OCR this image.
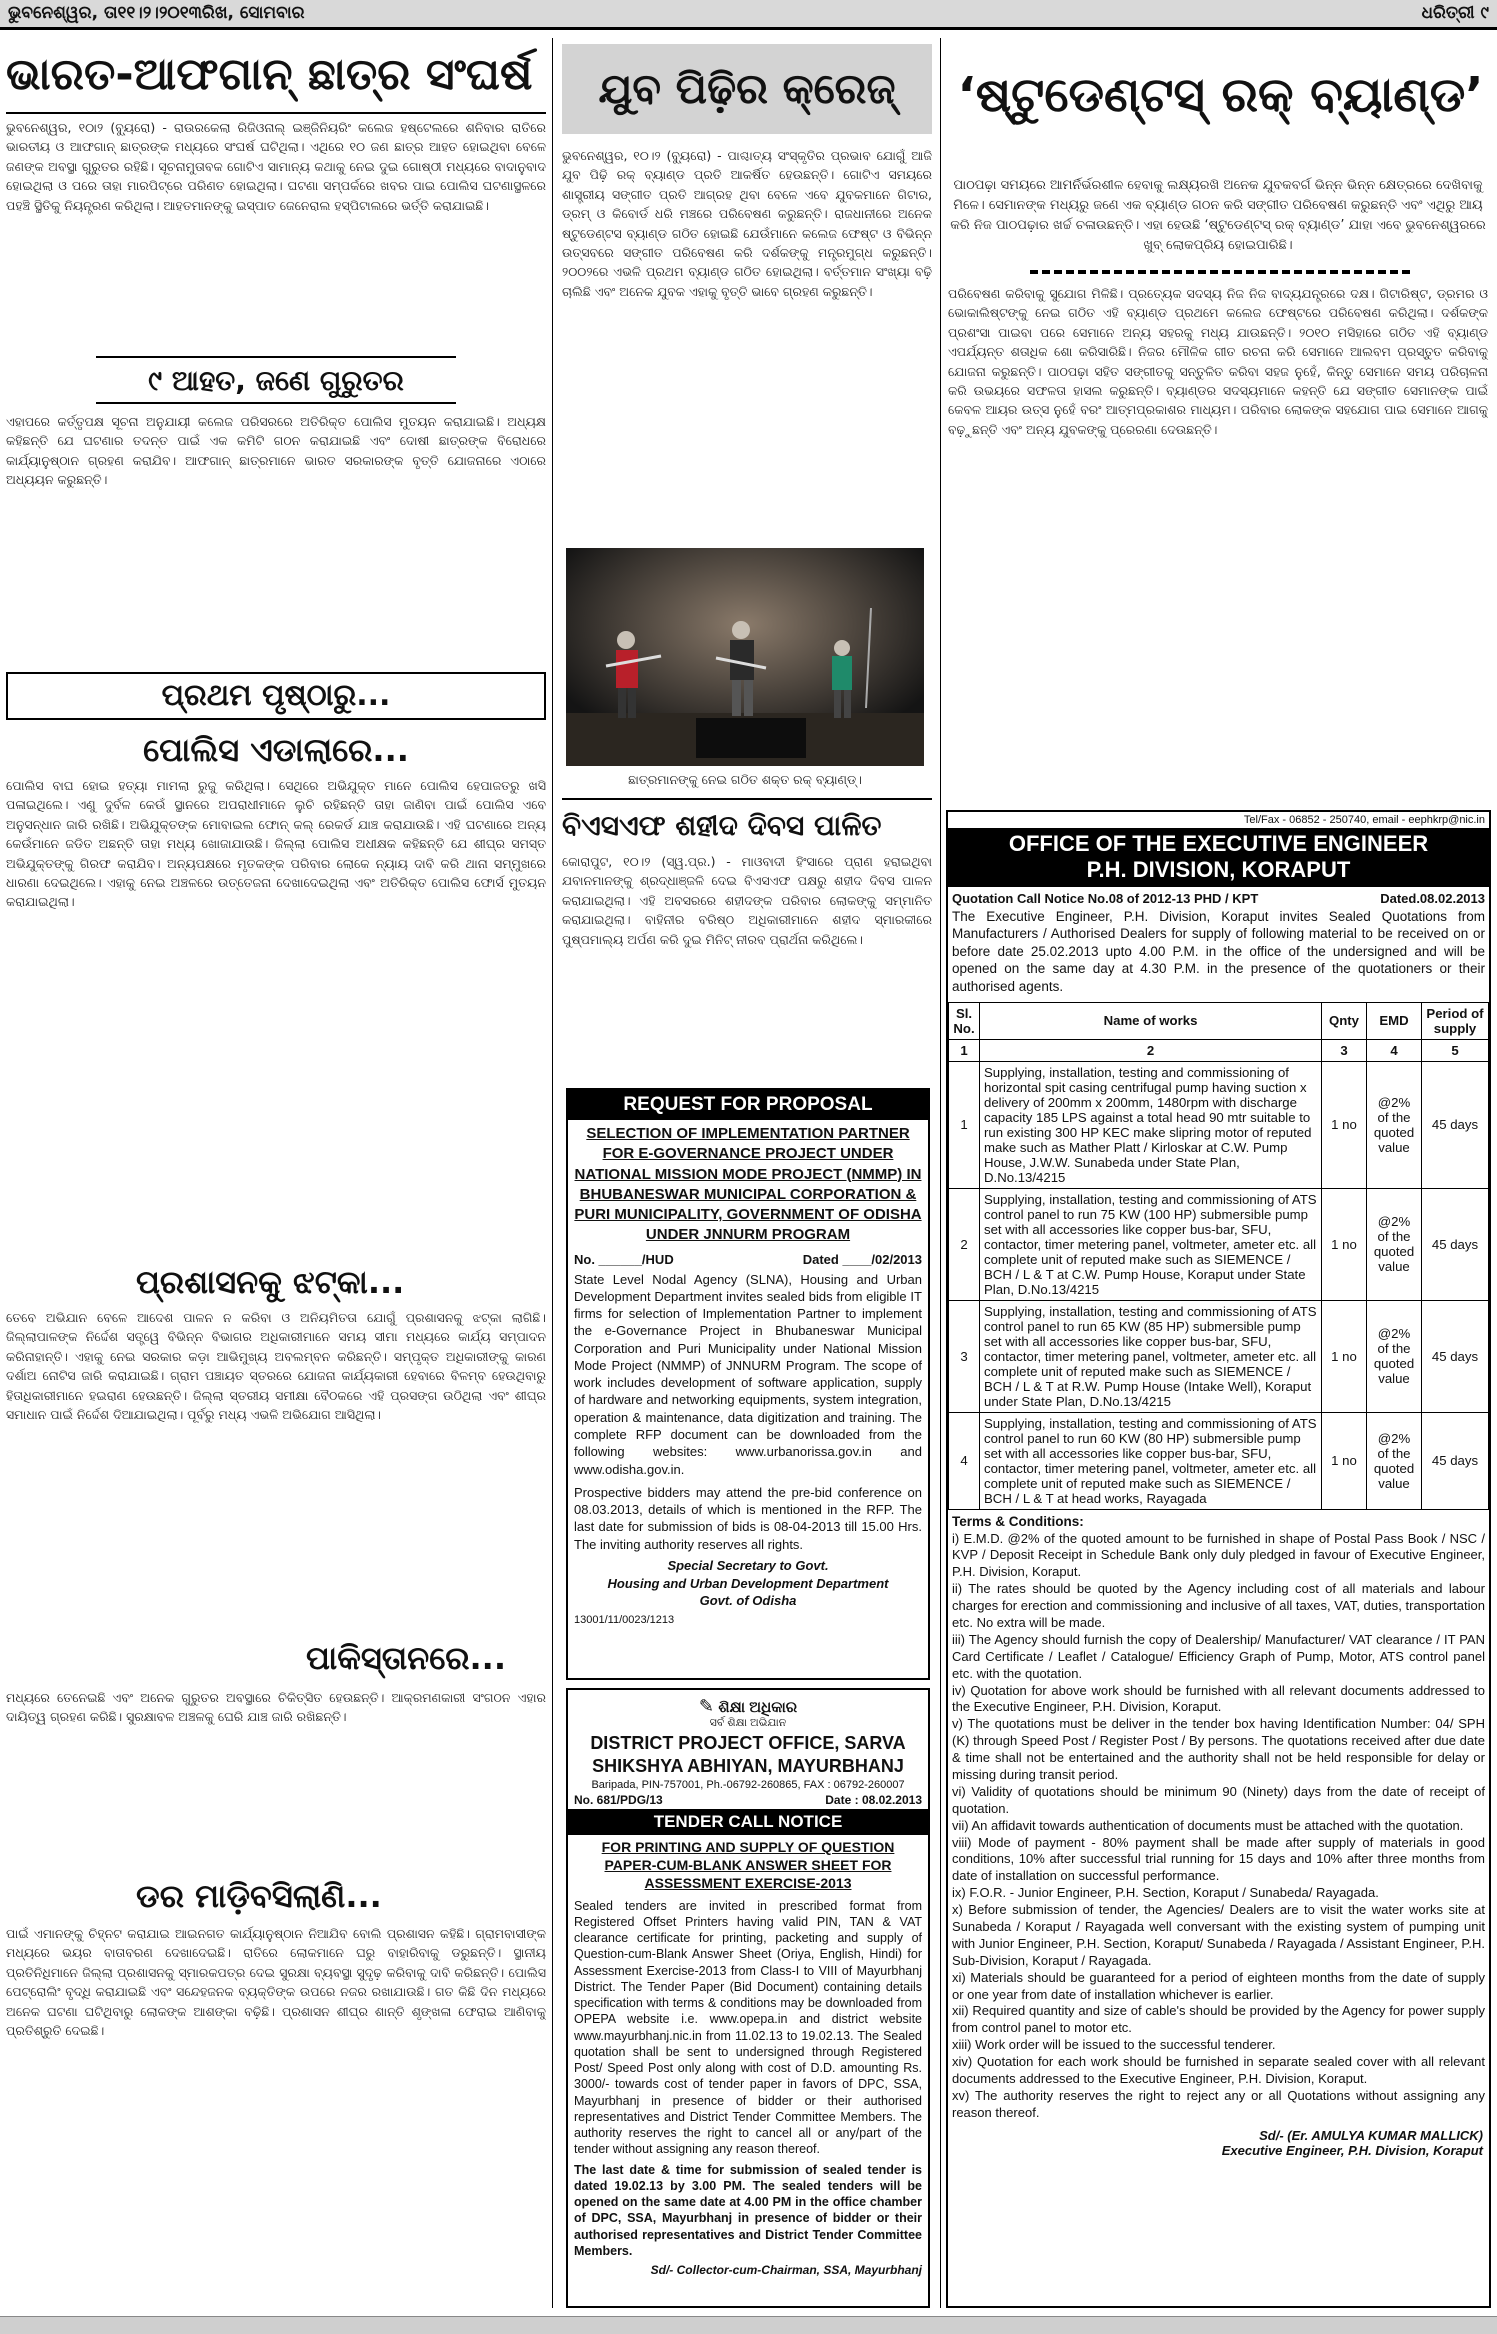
ଭୁବନେଶ୍ୱର, ତା୧୧।୨।୨୦୧୩ରିଖ, ସୋମବାର	ଧରିତ୍ରୀ ୯
ଭାରତ-ଆଫଗାନ୍ ଛାତ୍ର ସଂଘର୍ଷ
ଭୁବନେଶ୍ୱର, ୧୦ା୨ (ବ୍ୟୁରୋ) - ରାଉରକେଲା ରିଜିଓନାଲ୍ ଇଞ୍ଜିନିୟରିଂ କଲେଜ ହଷ୍ଟେଲରେ ଶନିବାର ରାତିରେ ଭାରତୀୟ ଓ ଆଫଗାନ୍ ଛାତ୍ରଙ୍କ ମଧ୍ୟରେ ସଂଘର୍ଷ ଘଟିଥିଲା। ଏଥିରେ ୧୦ ଜଣ ଛାତ୍ର ଆହତ ହୋଇଥିବା ବେଳେ ଜଣଙ୍କ ଅବସ୍ଥା ଗୁରୁତର ରହିଛି। ସୂଚନାମୁତାବକ ଗୋଟିଏ ସାମାନ୍ୟ କଥାକୁ ନେଇ ଦୁଇ ଗୋଷ୍ଠୀ ମଧ୍ୟରେ ବାଦାନୁବାଦ ହୋଇଥିଲା ଓ ପରେ ତାହା ମାରପିଟ୍‌ରେ ପରିଣତ ହୋଇଥିଲା। ଘଟଣା ସମ୍ପର୍କରେ ଖବର ପାଇ ପୋଲିସ ଘଟଣାସ୍ଥଳରେ ପହଞ୍ଚି ସ୍ଥିତିକୁ ନିୟନ୍ତ୍ରଣ କରିଥିଲା। ଆହତମାନଙ୍କୁ ଇସ୍ପାତ ଜେନେରାଲ ହସ୍ପିଟାଲରେ ଭର୍ତ୍ତି କରାଯାଇଛି।
୯ ଆହତ, ଜଣେ ଗୁରୁତର
ଏହାପରେ କର୍ତ୍ତୃପକ୍ଷ ସୂଚନା ଅନୁଯାୟୀ କଲେଜ ପରିସରରେ ଅତିରିକ୍ତ ପୋଲିସ ମୁତୟନ କରାଯାଇଛି। ଅଧ୍ୟକ୍ଷ କହିଛନ୍ତି ଯେ ଘଟଣାର ତଦନ୍ତ ପାଇଁ ଏକ କମିଟି ଗଠନ କରାଯାଇଛି ଏବଂ ଦୋଷୀ ଛାତ୍ରଙ୍କ ବିରୋଧରେ କାର୍ଯ୍ୟାନୁଷ୍ଠାନ ଗ୍ରହଣ କରାଯିବ। ଆଫଗାନ୍ ଛାତ୍ରମାନେ ଭାରତ ସରକାରଙ୍କ ବୃତ୍ତି ଯୋଜନାରେ ଏଠାରେ ଅଧ୍ୟୟନ କରୁଛନ୍ତି।
ପ୍ରଥମ ପୃଷ୍ଠାରୁ...
ପୋଲିସ ଏଡାଲାରେ...
ପୋଲିସ ବାଘ ହୋଇ ହତ୍ୟା ମାମଲା ରୁଜୁ କରିଥିଲା। ସେଥିରେ ଅଭିଯୁକ୍ତ ମାନେ ପୋଲିସ ହେପାଜତରୁ ଖସି ପଳାଇଥିଲେ। ଏଣୁ ଦୁର୍ବଳ କେଉଁ ସ୍ଥାନରେ ଅପରାଧୀମାନେ ଲୁଚି ରହିଛନ୍ତି ତାହା ଜାଣିବା ପାଇଁ ପୋଲିସ ଏବେ ଅନୁସନ୍ଧାନ ଜାରି ରଖିଛି। ଅଭିଯୁକ୍ତଙ୍କ ମୋବାଇଲ ଫୋନ୍ କଲ୍ ରେକର୍ଡ ଯାଞ୍ଚ କରାଯାଉଛି। ଏହି ଘଟଣାରେ ଅନ୍ୟ କେଉଁମାନେ ଜଡିତ ଅଛନ୍ତି ତାହା ମଧ୍ୟ ଖୋଜାଯାଉଛି। ଜିଲ୍ଲା ପୋଲିସ ଅଧୀକ୍ଷକ କହିଛନ୍ତି ଯେ ଶୀଘ୍ର ସମସ୍ତ ଅଭିଯୁକ୍ତଙ୍କୁ ଗିରଫ କରାଯିବ। ଅନ୍ୟପକ୍ଷରେ ମୃତକଙ୍କ ପରିବାର ଲୋକେ ନ୍ୟାୟ ଦାବି କରି ଥାନା ସମ୍ମୁଖରେ ଧାରଣା ଦେଇଥିଲେ। ଏହାକୁ ନେଇ ଅଞ୍ଚଳରେ ଉତ୍ତେଜନା ଦେଖାଦେଇଥିଲା ଏବଂ ଅତିରିକ୍ତ ପୋଲିସ ଫୋର୍ସ ମୁତୟନ କରାଯାଇଥିଲା।
ପ୍ରଶାସନକୁ ଝଟ୍‌କା...
ତେବେ ଅଭିଯାନ ବେଳେ ଆଦେଶ ପାଳନ ନ କରିବା ଓ ଅନିୟମିତତା ଯୋଗୁଁ ପ୍ରଶାସନକୁ ଝଟ୍‌କା ଲାଗିଛି। ଜିଲ୍ଲାପାଳଙ୍କ ନିର୍ଦ୍ଦେଶ ସତ୍ତ୍ୱେ ବିଭିନ୍ନ ବିଭାଗର ଅଧିକାରୀମାନେ ସମୟ ସୀମା ମଧ୍ୟରେ କାର୍ଯ୍ୟ ସମ୍ପାଦନ କରିନାହାନ୍ତି। ଏହାକୁ ନେଇ ସରକାର କଡ଼ା ଆଭିମୁଖ୍ୟ ଅବଲମ୍ବନ କରିଛନ୍ତି। ସମ୍ପୃକ୍ତ ଅଧିକାରୀଙ୍କୁ କାରଣ ଦର୍ଶାଅ ନୋଟିସ ଜାରି କରାଯାଇଛି। ଗ୍ରାମ ପଞ୍ଚାୟତ ସ୍ତରରେ ଯୋଜନା କାର୍ଯ୍ୟକାରୀ ହେବାରେ ବିଳମ୍ବ ହେଉଥିବାରୁ ହିତାଧିକାରୀମାନେ ହଇରାଣ ହେଉଛନ୍ତି। ଜିଲ୍ଲା ସ୍ତରୀୟ ସମୀକ୍ଷା ବୈଠକରେ ଏହି ପ୍ରସଙ୍ଗ ଉଠିଥିଲା ଏବଂ ଶୀଘ୍ର ସମାଧାନ ପାଇଁ ନିର୍ଦ୍ଦେଶ ଦିଆଯାଇଥିଲା। ପୂର୍ବରୁ ମଧ୍ୟ ଏଭଳି ଅଭିଯୋଗ ଆସିଥିଲା।
ପାକିସ୍ତାନରେ...
ମଧ୍ୟରେ ତେନେଇଛି ଏବଂ ଅନେକ ଗୁରୁତର ଅବସ୍ଥାରେ ଚିକିତ୍ସିତ ହେଉଛନ୍ତି। ଆକ୍ରମଣକାରୀ ସଂଗଠନ ଏହାର ଦାୟିତ୍ୱ ଗ୍ରହଣ କରିଛି। ସୁରକ୍ଷାବଳ ଅଞ୍ଚଳକୁ ଘେରି ଯାଞ୍ଚ ଜାରି ରଖିଛନ୍ତି।
ଡର ମାଡ଼ିବସିଲାଣି...
ପାଇଁ ଏମାନଙ୍କୁ ଚିହ୍ନଟ କରାଯାଇ ଆଇନଗତ କାର୍ଯ୍ୟାନୁଷ୍ଠାନ ନିଆଯିବ ବୋଲି ପ୍ରଶାସନ କହିଛି। ଗ୍ରାମବାସୀଙ୍କ ମଧ୍ୟରେ ଭୟର ବାତାବରଣ ଦେଖାଦେଇଛି। ରାତିରେ ଲୋକମାନେ ଘରୁ ବାହାରିବାକୁ ଡରୁଛନ୍ତି। ସ୍ଥାନୀୟ ପ୍ରତିନିଧିମାନେ ଜିଲ୍ଲା ପ୍ରଶାସନକୁ ସ୍ମାରକପତ୍ର ଦେଇ ସୁରକ୍ଷା ବ୍ୟବସ୍ଥା ସୁଦୃଢ଼ କରିବାକୁ ଦାବି କରିଛନ୍ତି। ପୋଲିସ ପେଟ୍ରୋଲିଂ ବୃଦ୍ଧି କରାଯାଇଛି ଏବଂ ସନ୍ଦେହଜନକ ବ୍ୟକ୍ତିଙ୍କ ଉପରେ ନଜର ରଖାଯାଉଛି। ଗତ କିଛି ଦିନ ମଧ୍ୟରେ ଅନେକ ଘଟଣା ଘଟିଥିବାରୁ ଲୋକଙ୍କ ଆଶଙ୍କା ବଢ଼ିଛି। ପ୍ରଶାସନ ଶୀଘ୍ର ଶାନ୍ତି ଶୃଙ୍ଖଳା ଫେରାଇ ଆଣିବାକୁ ପ୍ରତିଶ୍ରୁତି ଦେଇଛି।
ଯୁବ ପିଢ଼ିର କ୍ରେଜ୍
ଭୁବନେଶ୍ୱର, ୧୦।୨ (ବ୍ୟୁରୋ) - ପାଶ୍ଚାତ୍ୟ ସଂସ୍କୃତିର ପ୍ରଭାବ ଯୋଗୁଁ ଆଜି ଯୁବ ପିଢ଼ି ରକ୍ ବ୍ୟାଣ୍ଡ ପ୍ରତି ଆକର୍ଷିତ ହେଉଛନ୍ତି। ଗୋଟିଏ ସମୟରେ ଶାସ୍ତ୍ରୀୟ ସଙ୍ଗୀତ ପ୍ରତି ଆଗ୍ରହ ଥିବା ବେଳେ ଏବେ ଯୁବକମାନେ ଗିଟାର, ଡ୍ରମ୍ ଓ କିବୋର୍ଡ ଧରି ମଞ୍ଚରେ ପରିବେଷଣ କରୁଛନ୍ତି। ରାଜଧାନୀରେ ଅନେକ ଷ୍ଟୁଡେଣ୍ଟସ ବ୍ୟାଣ୍ଡ ଗଠିତ ହୋଇଛି ଯେଉଁମାନେ କଲେଜ ଫେଷ୍ଟ ଓ ବିଭିନ୍ନ ଉତ୍ସବରେ ସଙ୍ଗୀତ ପରିବେଷଣ କରି ଦର୍ଶକଙ୍କୁ ମନ୍ତ୍ରମୁଗ୍ଧ କରୁଛନ୍ତି। ୨୦୦୨ରେ ଏଭଳି ପ୍ରଥମ ବ୍ୟାଣ୍ଡ ଗଠିତ ହୋଇଥିଲା। ବର୍ତ୍ତମାନ ସଂଖ୍ୟା ବଢ଼ି ଚାଲିଛି ଏବଂ ଅନେକ ଯୁବକ ଏହାକୁ ବୃତ୍ତି ଭାବେ ଗ୍ରହଣ କରୁଛନ୍ତି।
ଛାତ୍ରମାନଙ୍କୁ ନେଇ ଗଠିତ ଶକ୍ତ ରକ୍ ବ୍ୟାଣ୍ଡ୍।
ବିଏସଏଫ ଶହୀଦ ଦିବସ ପାଳିତ
କୋରାପୁଟ, ୧୦।୨ (ସ୍ୱ.ପ୍ର.) - ମାଓବାଦୀ ହିଂସାରେ ପ୍ରାଣ ହରାଇଥିବା ଯବାନମାନଙ୍କୁ ଶ୍ରଦ୍ଧାଞ୍ଜଳି ଦେଇ ବିଏସଏଫ ପକ୍ଷରୁ ଶହୀଦ ଦିବସ ପାଳନ କରାଯାଇଥିଲା। ଏହି ଅବସରରେ ଶହୀଦଙ୍କ ପରିବାର ଲୋକଙ୍କୁ ସମ୍ମାନିତ କରାଯାଇଥିଲା। ବାହିନୀର ବରିଷ୍ଠ ଅଧିକାରୀମାନେ ଶହୀଦ ସ୍ମାରକୀରେ ପୁଷ୍ପମାଲ୍ୟ ଅର୍ପଣ କରି ଦୁଇ ମିନିଟ୍ ନୀରବ ପ୍ରାର୍ଥନା କରିଥିଲେ।
REQUEST FOR PROPOSAL
SELECTION OF IMPLEMENTATION PARTNER FOR E-GOVERNANCE PROJECT UNDER NATIONAL MISSION MODE PROJECT (NMMP) IN BHUBANESWAR MUNICIPAL CORPORATION & PURI MUNICIPALITY, GOVERNMENT OF ODISHA UNDER JNNURM PROGRAM
No. ______/HUD	Dated ____/02/2013
State Level Nodal Agency (SLNA), Housing and Urban Development Department invites sealed bids from eligible IT firms for selection of Implementation Partner to implement the e-Governance Project in Bhubaneswar Municipal Corporation and Puri Municipality under National Mission Mode Project (NMMP) of JNNURM Program. The scope of work includes development of software application, supply of hardware and networking equipments, system integration, operation & maintenance, data digitization and training. The complete RFP document can be downloaded from the following websites: www.urbanorissa.gov.in and www.odisha.gov.in.
Prospective bidders may attend the pre-bid conference on 08.03.2013, details of which is mentioned in the RFP. The last date for submission of bids is 08-04-2013 till 15.00 Hrs. The inviting authority reserves all rights.
Special Secretary to Govt.
Housing and Urban Development Department
Govt. of Odisha
13001/11/0023/1213
✎ ଶିକ୍ଷା ଅଧିକାର
ସର୍ବ ଶିକ୍ଷା ଅଭିଯାନ
DISTRICT PROJECT OFFICE, SARVA SHIKSHYA ABHIYAN, MAYURBHANJ
Baripada, PIN-757001, Ph.-06792-260865, FAX : 06792-260007
No. 681/PDG/13	Date : 08.02.2013
TENDER CALL NOTICE
FOR PRINTING AND SUPPLY OF QUESTION PAPER-CUM-BLANK ANSWER SHEET FOR ASSESSMENT EXERCISE-2013
Sealed tenders are invited in prescribed format from Registered Offset Printers having valid PIN, TAN & VAT clearance certificate for printing, packeting and supply of Question-cum-Blank Answer Sheet (Oriya, English, Hindi) for Assessment Exercise-2013 from Class-I to VIII of Mayurbhanj District. The Tender Paper (Bid Document) containing details specification with terms & conditions may be downloaded from OPEPA website i.e. www.opepa.in and district website www.mayurbhanj.nic.in from 11.02.13 to 19.02.13. The Sealed quotation shall be sent to undersigned through Registered Post/ Speed Post only along with cost of D.D. amounting Rs. 3000/- towards cost of tender paper in favors of DPC, SSA, Mayurbhanj in presence of bidder or their authorised representatives and District Tender Committee Members. The authority reserves the right to cancel all or any/part of the tender without assigning any reason thereof.
The last date & time for submission of sealed tender is dated 19.02.13 by 3.00 PM. The sealed tenders will be opened on the same date at 4.00 PM in the office chamber of DPC, SSA, Mayurbhanj in presence of bidder or their authorised representatives and District Tender Committee Members.
Sd/- Collector-cum-Chairman, SSA, Mayurbhanj
‘ଷ୍ଟୁଡେଣ୍ଟସ୍ ରକ୍ ବ୍ୟାଣ୍ଡ’
ପାଠପଢ଼ା ସମୟରେ ଆମର୍ନିର୍ଭରଶୀଳ ହେବାକୁ ଲକ୍ଷ୍ୟରଖି ଅନେକ ଯୁବକବର୍ଗ ଭିନ୍ନ ଭିନ୍ନ କ୍ଷେତ୍ରରେ ଦେଖିବାକୁ ମିଳେ। ସେମାନଙ୍କ ମଧ୍ୟରୁ ଜଣେ ଏକ ବ୍ୟାଣ୍ଡ ଗଠନ କରି ସଙ୍ଗୀତ ପରିବେଷଣ କରୁଛନ୍ତି ଏବଂ ଏଥିରୁ ଆୟ କରି ନିଜ ପାଠପଢ଼ାର ଖର୍ଚ୍ଚ ଚଳାଉଛନ୍ତି। ଏହା ହେଉଛି ‘ଷ୍ଟୁଡେଣ୍ଟସ୍ ରକ୍ ବ୍ୟାଣ୍ଡ’ ଯାହା ଏବେ ଭୁବନେଶ୍ୱରରେ ଖୁବ୍ ଲୋକପ୍ରିୟ ହୋଇପାରିଛି।
ପରିବେଷଣ କରିବାକୁ ସୁଯୋଗ ମିଳିଛି। ପ୍ରତ୍ୟେକ ସଦସ୍ୟ ନିଜ ନିଜ ବାଦ୍ୟଯନ୍ତ୍ରରେ ଦକ୍ଷ। ଗିଟାରିଷ୍ଟ, ଡ୍ରମର ଓ ଭୋକାଲିଷ୍ଟଙ୍କୁ ନେଇ ଗଠିତ ଏହି ବ୍ୟାଣ୍ଡ ପ୍ରଥମେ କଲେଜ ଫେଷ୍ଟରେ ପରିବେଷଣ କରିଥିଲା। ଦର୍ଶକଙ୍କ ପ୍ରଶଂସା ପାଇବା ପରେ ସେମାନେ ଅନ୍ୟ ସହରକୁ ମଧ୍ୟ ଯାଉଛନ୍ତି। ୨୦୧୦ ମସିହାରେ ଗଠିତ ଏହି ବ୍ୟାଣ୍ଡ ଏପର୍ଯ୍ୟନ୍ତ ଶତାଧିକ ଶୋ କରିସାରିଛି। ନିଜର ମୌଳିକ ଗୀତ ରଚନା କରି ସେମାନେ ଆଲବମ ପ୍ରସ୍ତୁତ କରିବାକୁ ଯୋଜନା କରୁଛନ୍ତି। ପାଠପଢ଼ା ସହିତ ସଙ୍ଗୀତକୁ ସନ୍ତୁଳିତ କରିବା ସହଜ ନୁହେଁ, କିନ୍ତୁ ସେମାନେ ସମୟ ପରିଚାଳନା କରି ଉଭୟରେ ସଫଳତା ହାସଲ କରୁଛନ୍ତି। ବ୍ୟାଣ୍ଡର ସଦସ୍ୟମାନେ କହନ୍ତି ଯେ ସଙ୍ଗୀତ ସେମାନଙ୍କ ପାଇଁ କେବଳ ଆୟର ଉତ୍ସ ନୁହେଁ ବରଂ ଆତ୍ମପ୍ରକାଶର ମାଧ୍ୟମ। ପରିବାର ଲୋକଙ୍କ ସହଯୋଗ ପାଇ ସେମାନେ ଆଗକୁ ବଢ଼ୁଛନ୍ତି ଏବଂ ଅନ୍ୟ ଯୁବକଙ୍କୁ ପ୍ରେରଣା ଦେଉଛନ୍ତି।
Tel/Fax - 06852 - 250740, email - eephkrp@nic.in
OFFICE OF THE EXECUTIVE ENGINEER
P.H. DIVISION, KORAPUT
Quotation Call Notice No.08 of 2012-13 PHD / KPT	Dated.08.02.2013
The Executive Engineer, P.H. Division, Koraput invites Sealed Quotations from Manufacturers / Authorised Dealers for supply of following material to be received on or before date 25.02.2013 upto 4.00 P.M. in the office of the undersigned and will be opened on the same day at 4.30 P.M. in the presence of the quotationers or their authorised agents.
Sl. No.	Name of works	Qnty	EMD	Period of supply
1	2	3	4	5
1	Supplying, installation, testing and commissioning of horizontal spit casing centrifugal pump having suction x delivery of 200mm x 200mm, 1480rpm with discharge capacity 185 LPS against a total head 90 mtr suitable to run existing 300 HP KEC make slipring motor of reputed make such as Mather Platt / Kirloskar at C.W. Pump House, J.W.W. Sunabeda under State Plan, D.No.13/4215	1 no	@2% of the quoted value	45 days
2	Supplying, installation, testing and commissioning of ATS control panel to run 75 KW (100 HP) submersible pump set with all accessories like copper bus-bar, SFU, contactor, timer metering panel, voltmeter, ameter etc. all complete unit of reputed make such as SIEMENCE / BCH / L & T at C.W. Pump House, Koraput under State Plan, D.No.13/4215	1 no	@2% of the quoted value	45 days
3	Supplying, installation, testing and commissioning of ATS control panel to run 65 KW (85 HP) submersible pump set with all accessories like copper bus-bar, SFU, contactor, timer metering panel, voltmeter, ameter etc. all complete unit of reputed make such as SIEMENCE / BCH / L & T at R.W. Pump House (Intake Well), Koraput under State Plan, D.No.13/4215	1 no	@2% of the quoted value	45 days
4	Supplying, installation, testing and commissioning of ATS control panel to run 60 KW (80 HP) submersible pump set with all accessories like copper bus-bar, SFU, contactor, timer metering panel, voltmeter, ameter etc. all complete unit of reputed make such as SIEMENCE / BCH / L & T at head works, Rayagada	1 no	@2% of the quoted value	45 days
Terms & Conditions:
i) E.M.D. @2% of the quoted amount to be furnished in shape of Postal Pass Book / NSC / KVP / Deposit Receipt in Schedule Bank only duly pledged in favour of Executive Engineer, P.H. Division, Koraput.
ii) The rates should be quoted by the Agency including cost of all materials and labour charges for erection and commissioning and inclusive of all taxes, VAT, duties, transportation etc. No extra will be made.
iii) The Agency should furnish the copy of Dealership/ Manufacturer/ VAT clearance / IT PAN Card Certificate / Leaflet / Catalogue/ Efficiency Graph of Pump, Motor, ATS control panel etc. with the quotation.
iv) Quotation for above work should be furnished with all relevant documents addressed to the Executive Engineer, P.H. Division, Koraput.
v) The quotations must be deliver in the tender box having Identification Number: 04/ SPH (K) through Speed Post / Register Post / By persons. The quotations received after due date & time shall not be entertained and the authority shall not be held responsible for delay or missing during transit period.
vi) Validity of quotations should be minimum 90 (Ninety) days from the date of receipt of quotation.
vii) An affidavit towards authentication of documents must be attached with the quotation.
viii) Mode of payment - 80% payment shall be made after supply of materials in good conditions, 10% after successful trial running for 15 days and 10% after three months from date of installation on successful performance.
ix) F.O.R. - Junior Engineer, P.H. Section, Koraput / Sunabeda/ Rayagada.
x) Before submission of tender, the Agencies/ Dealers are to visit the water works site at Sunabeda / Koraput / Rayagada well conversant with the existing system of pumping unit with Junior Engineer, P.H. Section, Koraput/ Sunabeda / Rayagada / Assistant Engineer, P.H. Sub-Division, Koraput / Rayagada.
xi) Materials should be guaranteed for a period of eighteen months from the date of supply or one year from date of installation whichever is earlier.
xii) Required quantity and size of cable's should be provided by the Agency for power supply from control panel to motor etc.
xiii) Work order will be issued to the successful tenderer.
xiv) Quotation for each work should be furnished in separate sealed cover with all relevant documents addressed to the Executive Engineer, P.H. Division, Koraput.
xv) The authority reserves the right to reject any or all Quotations without assigning any reason thereof.
Sd/- (Er. AMULYA KUMAR MALLICK)
Executive Engineer, P.H. Division, Koraput
